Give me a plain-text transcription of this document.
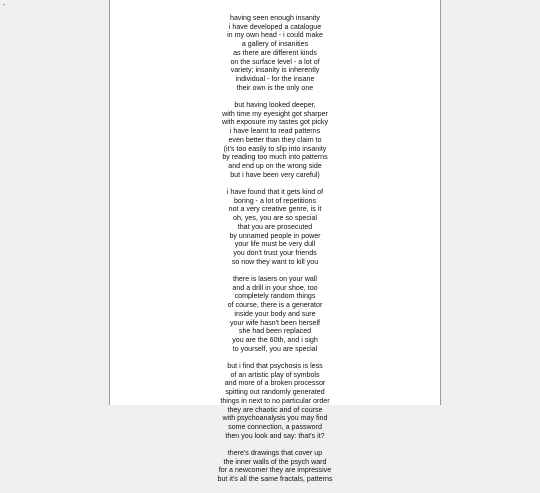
-
having seen enough insanity
i have developed a catalogue
in my own head - i could make
a gallery of insanities
as there are different kinds
on the surface level - a lot of
variety; insanity is inherently
individual - for the insane
their own is the only one
but having looked deeper,
with time my eyesight got sharper
with exposure my tastes got picky
i have learnt to read patterns
even better than they claim to
(it's too easily to slip into insanity
by reading too much into patterns
and end up on the wrong side
but i have been very careful)
i have found that it gets kind of
boring - a lot of repetitions
not a very creative genre, is it
oh, yes, you are so special
that you are prosecuted
by unnamed people in power
your life must be very dull
you don't trust your friends
so now they want to kill you
there is lasers on your wall
and a drill in your shoe, too
completely random things
of course, there is a generator
inside your body and sure
your wife hasn't been herself
she had been replaced
you are the 60th, and i sigh
to yourself, you are special
but i find that psychosis is less
of an artistic play of symbols
and more of a broken processor
spitting out randomly generated
things in next to no particular order
they are chaotic and of course
with psychoanalysis you may find
some connection, a password
then you look and say: that's it?
there's drawings that cover up
the inner walls of the psych ward
for a newcomer they are impressive
but it's all the same fractals, patterns
